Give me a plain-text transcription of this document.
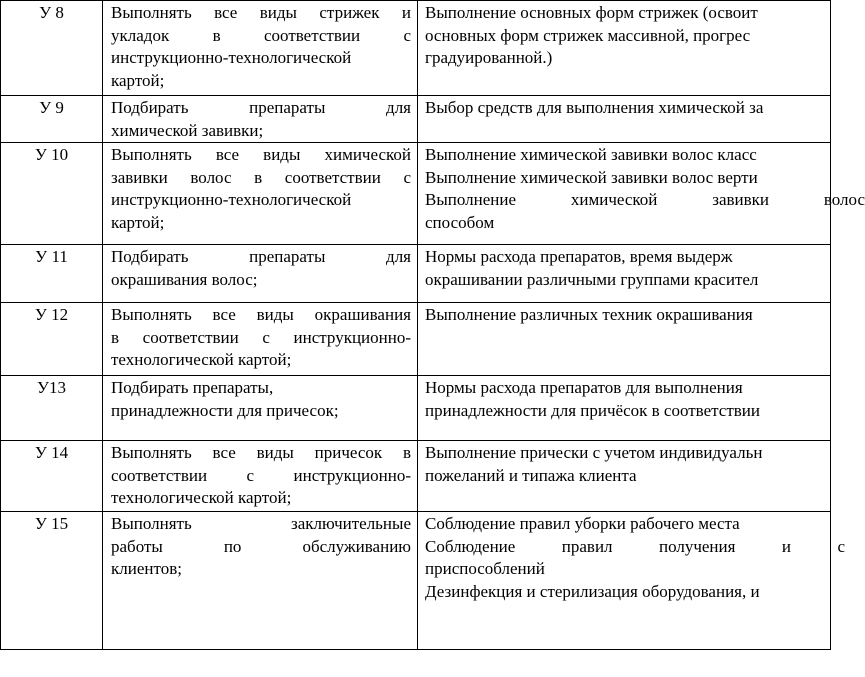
У 8	Выполнять все виды стрижек и
укладок в соответствии с
инструкционно-технологической
картой;	Выполнение основных форм стрижек (освоит
основных форм стрижек массивной, прогрес
градуированной.)

У 9	Подбирать препараты для
химической завивки;	Выбор средств для выполнения химической за

У 10	Выполнять все виды химической
завивки волос в соответствии с
инструкционно-технологической
картой;	Выполнение химической завивки волос класс
Выполнение химической завивки волос верти
Выполнение химической завивки волос
способом

У 11	Подбирать препараты для
окрашивания волос;	Нормы расхода препаратов, время выдерж
окрашивании различными группами красител

У 12	Выполнять все виды окрашивания
в соответствии с инструкционно-
технологической картой;	Выполнение различных техник окрашивания

У13	Подбирать препараты,
принадлежности для причесок;	Нормы расхода препаратов для выполнения
принадлежности для причёсок в соответствии

У 14	Выполнять все виды причесок в
соответствии с инструкционно-
технологической картой;	Выполнение прически с учетом индивидуальн
пожеланий и типажа клиента

У 15	Выполнять заключительные
работы по обслуживанию
клиентов;	Соблюдение правил уборки рабочего места
Соблюдение правил получения и с
приспособлений
Дезинфекция и стерилизация оборудования, и
